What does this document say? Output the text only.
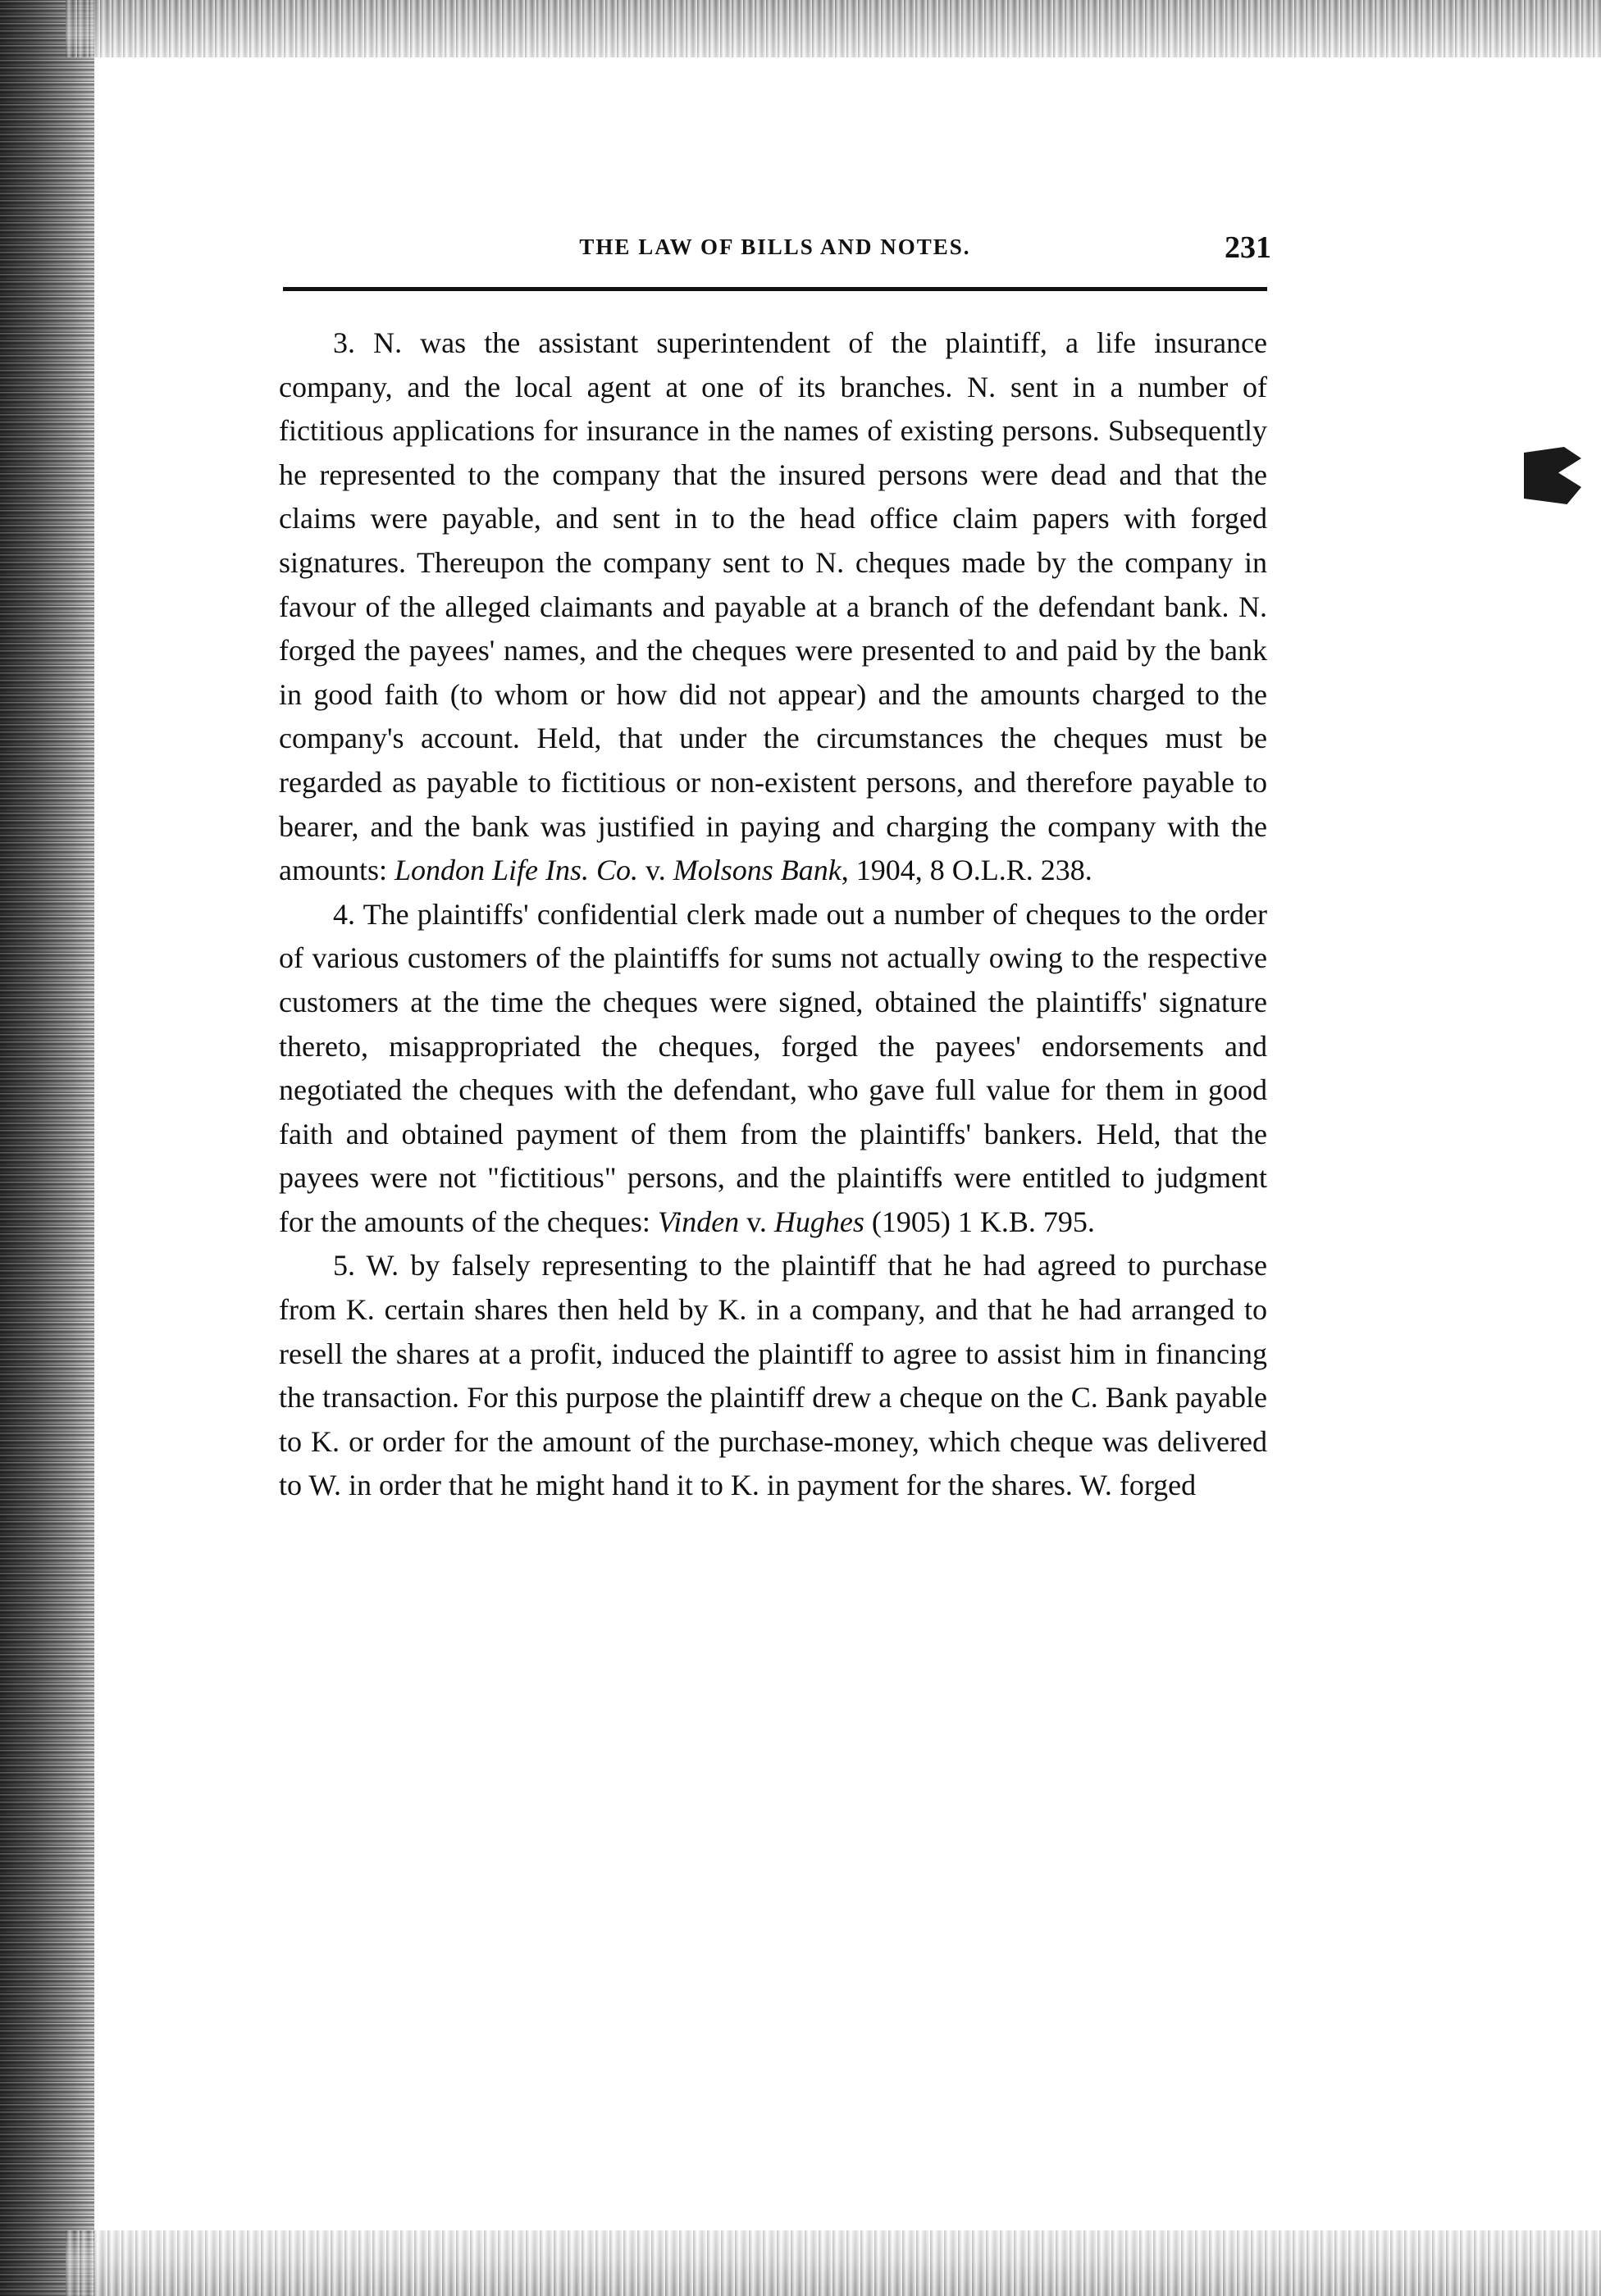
THE LAW OF BILLS AND NOTES.	231

3. N. was the assistant superintendent of the plaintiff, a life insurance company, and the local agent at one of its branches. N. sent in a number of fictitious applications for insurance in the names of existing persons. Subsequently he represented to the company that the insured persons were dead and that the claims were payable, and sent in to the head office claim papers with forged signatures. Thereupon the company sent to N. cheques made by the company in favour of the alleged claimants and payable at a branch of the defendant bank. N. forged the payees' names, and the cheques were presented to and paid by the bank in good faith (to whom or how did not appear) and the amounts charged to the company's account. Held, that under the circumstances the cheques must be regarded as payable to fictitious or non-existent persons, and therefore payable to bearer, and the bank was justified in paying and charging the company with the amounts: London Life Ins. Co. v. Molsons Bank, 1904, 8 O.L.R. 238.

4. The plaintiffs' confidential clerk made out a number of cheques to the order of various customers of the plaintiffs for sums not actually owing to the respective customers at the time the cheques were signed, obtained the plaintiffs' signature thereto, misappropriated the cheques, forged the payees' endorsements and negotiated the cheques with the defendant, who gave full value for them in good faith and obtained payment of them from the plaintiffs' bankers. Held, that the payees were not "fictitious" persons, and the plaintiffs were entitled to judgment for the amounts of the cheques: Vinden v. Hughes (1905) 1 K.B. 795.

5. W. by falsely representing to the plaintiff that he had agreed to purchase from K. certain shares then held by K. in a company, and that he had arranged to resell the shares at a profit, induced the plaintiff to agree to assist him in financing the transaction. For this purpose the plaintiff drew a cheque on the C. Bank payable to K. or order for the amount of the purchase-money, which cheque was delivered to W. in order that he might hand it to K. in payment for the shares. W. forged
